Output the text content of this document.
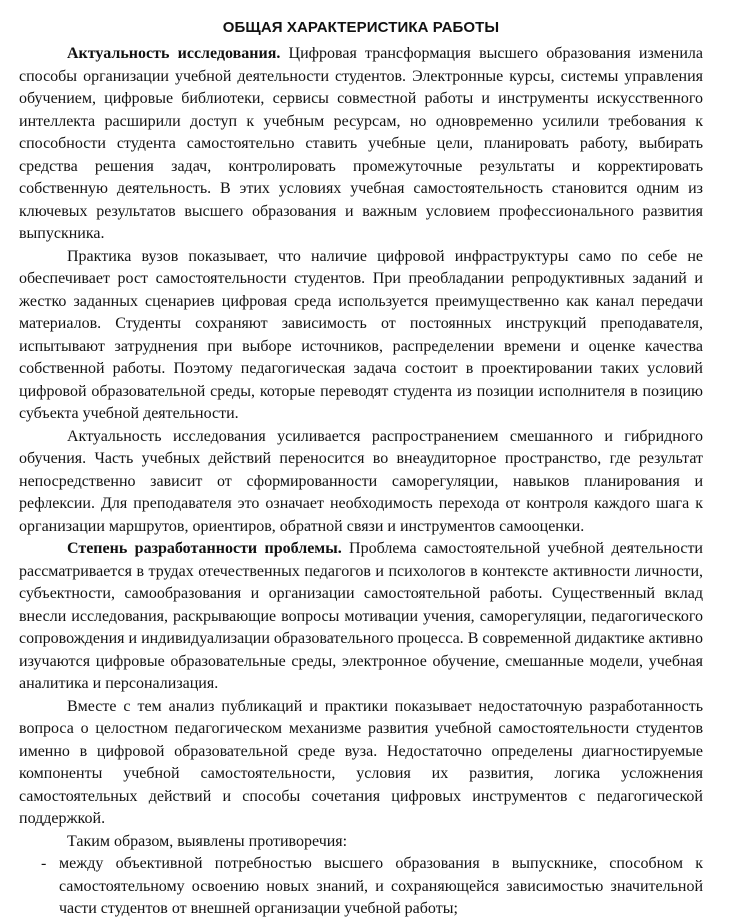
ОБЩАЯ ХАРАКТЕРИСТИКА РАБОТЫ

Актуальность исследования. Цифровая трансформация высшего образования изменила способы организации учебной деятельности студентов. Электронные курсы, системы управления обучением, цифровые библиотеки, сервисы совместной работы и инструменты искусственного интеллекта расширили доступ к учебным ресурсам, но одновременно усилили требования к способности студента самостоятельно ставить учебные цели, планировать работу, выбирать средства решения задач, контролировать промежуточные результаты и корректировать собственную деятельность. В этих условиях учебная самостоятельность становится одним из ключевых результатов высшего образования и важным условием профессионального развития выпускника.

Практика вузов показывает, что наличие цифровой инфраструктуры само по себе не обеспечивает рост самостоятельности студентов. При преобладании репродуктивных заданий и жестко заданных сценариев цифровая среда используется преимущественно как канал передачи материалов. Студенты сохраняют зависимость от постоянных инструкций преподавателя, испытывают затруднения при выборе источников, распределении времени и оценке качества собственной работы. Поэтому педагогическая задача состоит в проектировании таких условий цифровой образовательной среды, которые переводят студента из позиции исполнителя в позицию субъекта учебной деятельности.

Актуальность исследования усиливается распространением смешанного и гибридного обучения. Часть учебных действий переносится во внеаудиторное пространство, где результат непосредственно зависит от сформированности саморегуляции, навыков планирования и рефлексии. Для преподавателя это означает необходимость перехода от контроля каждого шага к организации маршрутов, ориентиров, обратной связи и инструментов самооценки.

Степень разработанности проблемы. Проблема самостоятельной учебной деятельности рассматривается в трудах отечественных педагогов и психологов в контексте активности личности, субъектности, самообразования и организации самостоятельной работы. Существенный вклад внесли исследования, раскрывающие вопросы мотивации учения, саморегуляции, педагогического сопровождения и индивидуализации образовательного процесса. В современной дидактике активно изучаются цифровые образовательные среды, электронное обучение, смешанные модели, учебная аналитика и персонализация.

Вместе с тем анализ публикаций и практики показывает недостаточную разработанность вопроса о целостном педагогическом механизме развития учебной самостоятельности студентов именно в цифровой образовательной среде вуза. Недостаточно определены диагностируемые компоненты учебной самостоятельности, условия их развития, логика усложнения самостоятельных действий и способы сочетания цифровых инструментов с педагогической поддержкой.

Таким образом, выявлены противоречия:

- между объективной потребностью высшего образования в выпускнике, способном к самостоятельному освоению новых знаний, и сохраняющейся зависимостью значительной части студентов от внешней организации учебной работы;
